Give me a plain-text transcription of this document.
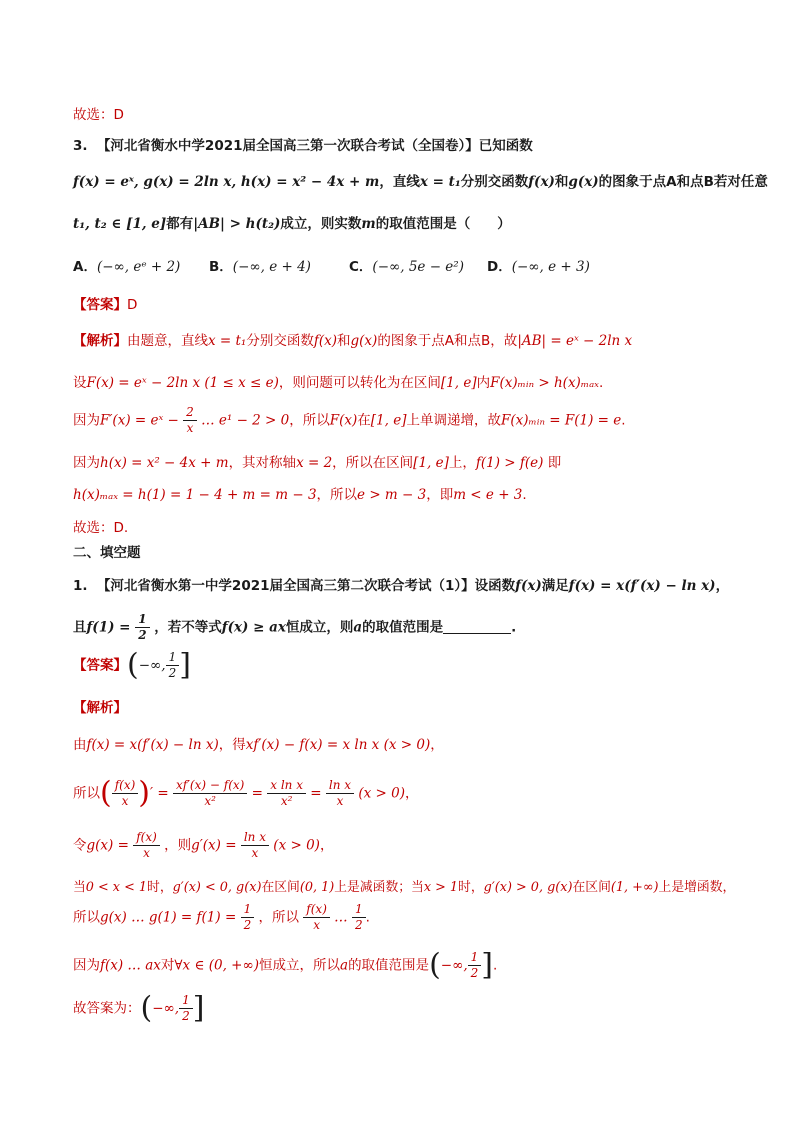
故选：D
3. 【河北省衡水中学2021届全国高三第一次联合考试（全国卷）】已知函数
f(x) = eˣ, g(x) = 2ln x, h(x) = x² − 4x + m，直线x = t₁分别交函数f(x)和g(x)的图象于点A和点B若对任意
t₁, t₂ ∈ [1, e]都有|AB| > h(t₂)成立，则实数m的取值范围是（　　）
A．(−∞, eᵉ + 2) B．(−∞, e + 4)	C．(−∞, 5e − e²) D．(−∞, e + 3)
【答案】D
【解析】由题意，直线x = t₁分别交函数f(x)和g(x)的图象于点A和点B，故|AB| = eˣ − 2ln x
设F(x) = eˣ − 2ln x (1 ≤ x ≤ e)，则问题可以转化为在区间[1, e]内F(x)ₘᵢₙ > h(x)ₘₐₓ.
因为F′(x) = eˣ − $\frac{2}{x}$ … e¹ − 2 > 0，所以F(x)在[1, e]上单调递增，故F(x)ₘᵢₙ = F(1) = e.
因为h(x) = x² − 4x + m，其对称轴x = 2，所以在区间[1, e]上，f(1) > f(e) 即
h(x)ₘₐₓ = h(1) = 1 − 4 + m = m − 3，所以e > m − 3，即m < e + 3.
故选：D.
二、填空题
1. 【河北省衡水第一中学2021届全国高三第二次联合考试（1）】设函数f(x)满足f(x) = x(f′(x) − ln x)，
且$f(1) = \frac{1}{2}$ ，若不等式f(x) ≥ ax恒成立，则a的取值范围是	.
【答案】(−∞, $\frac{1}{2}$ ]
【解析】
由f(x) = x(f′(x) − ln x)，得xf′(x) − f(x) = x ln x (x > 0)，
所以( $\frac{f(x)}{x}$ )′ = $\frac{xf'(x) - f(x)}{\text{x²}} = \frac{\text{x ln x}}{\text{x²}} = \frac{\text{ln x}}{x} (x > 0)$，
令$g(x) = \frac{f(x)}{x}$ ，则$g'(x) = \frac{\text{ln x}}{x} (x > 0)$，
当0 < x < 1时，g′(x) < 0, g(x)在区间(0, 1)上是减函数；当x > 1时，g′(x) > 0, g(x)在区间(1, +∞)上是增函数，
所以g(x) … $g(1) = f(1) = \frac{1}{2}$ ，所以 $\frac{f(x)}{x}$ … $\frac{1}{2}$ .
因为f(x) … ax对∀x ∈ (0, +∞)恒成立，所以a的取值范围是(−∞, $\frac{1}{2}$ ].
故答案为：(−∞, $\frac{1}{2}$ ]
